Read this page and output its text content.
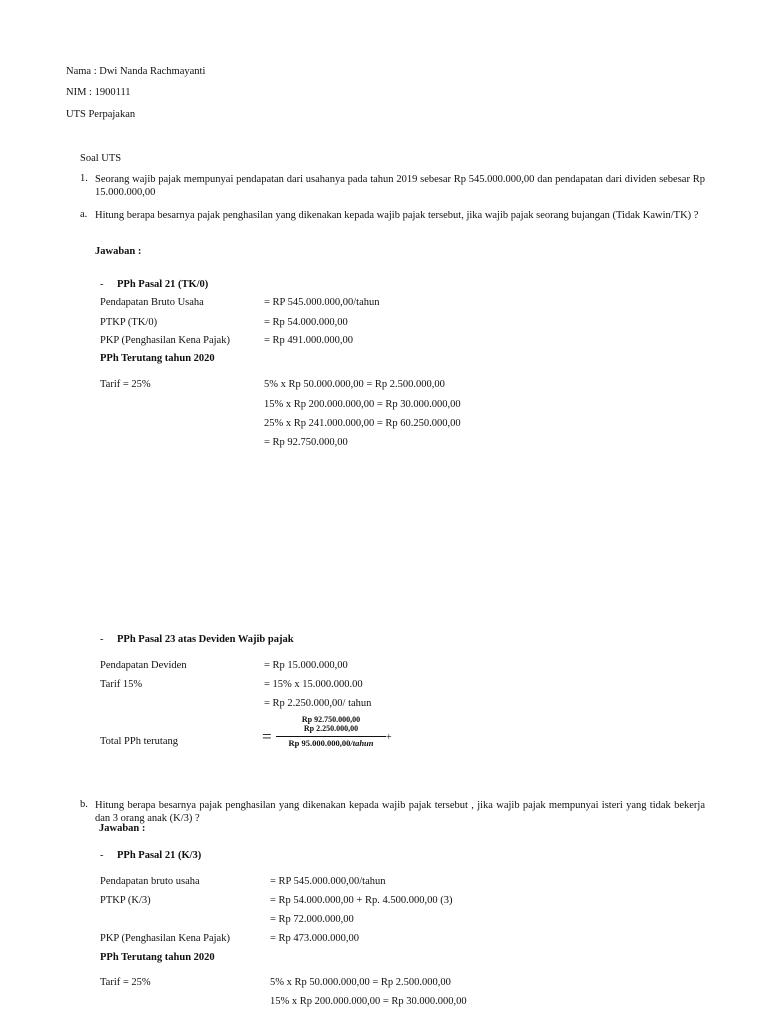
Nama : Dwi Nanda Rachmayanti
NIM : 1900111
UTS Perpajakan
Soal UTS
1. Seorang wajib pajak mempunyai pendapatan dari usahanya pada tahun 2019 sebesar Rp 545.000.000,00 dan pendapatan dari dividen sebesar Rp 15.000.000,00
a. Hitung berapa besarnya pajak penghasilan yang dikenakan kepada wajib pajak tersebut, jika wajib pajak seorang bujangan (Tidak Kawin/TK) ?
Jawaban :
- PPh Pasal 21 (TK/0)
Pendapatan Bruto Usaha	= RP 545.000.000,00/tahun
PTKP (TK/0)	= Rp 54.000.000,00
PKP (Penghasilan Kena Pajak)	= Rp 491.000.000,00
PPh Terutang tahun 2020
Tarif = 25%	5% x Rp 50.000.000,00 = Rp 2.500.000,00
15% x Rp 200.000.000,00 = Rp 30.000.000,00
25% x Rp 241.000.000,00 = Rp 60.250.000,00
= Rp 92.750.000,00
- PPh Pasal 23 atas Deviden Wajib pajak
Pendapatan Deviden	= Rp 15.000.000,00
Tarif 15%	= 15% x 15.000.000.00
= Rp 2.250.000,00/ tahun
Total PPh terutang	=
Rp 92.750.000,00
Rp 2.250.000,00
Rp 95.000.000,00/tahun	+
b. Hitung berapa besarnya pajak penghasilan yang dikenakan kepada wajib pajak tersebut , jika wajib pajak mempunyai isteri yang tidak bekerja dan 3 orang anak (K/3) ?
Jawaban :
- PPh Pasal 21 (K/3)
Pendapatan bruto usaha	= RP 545.000.000,00/tahun
PTKP (K/3)	= Rp 54.000.000,00 + Rp. 4.500.000,00 (3)
= Rp 72.000.000,00
PKP (Penghasilan Kena Pajak)	= Rp 473.000.000,00
PPh Terutang tahun 2020
Tarif = 25%	5% x Rp 50.000.000,00 = Rp 2.500.000,00
15% x Rp 200.000.000,00 = Rp 30.000.000,00
